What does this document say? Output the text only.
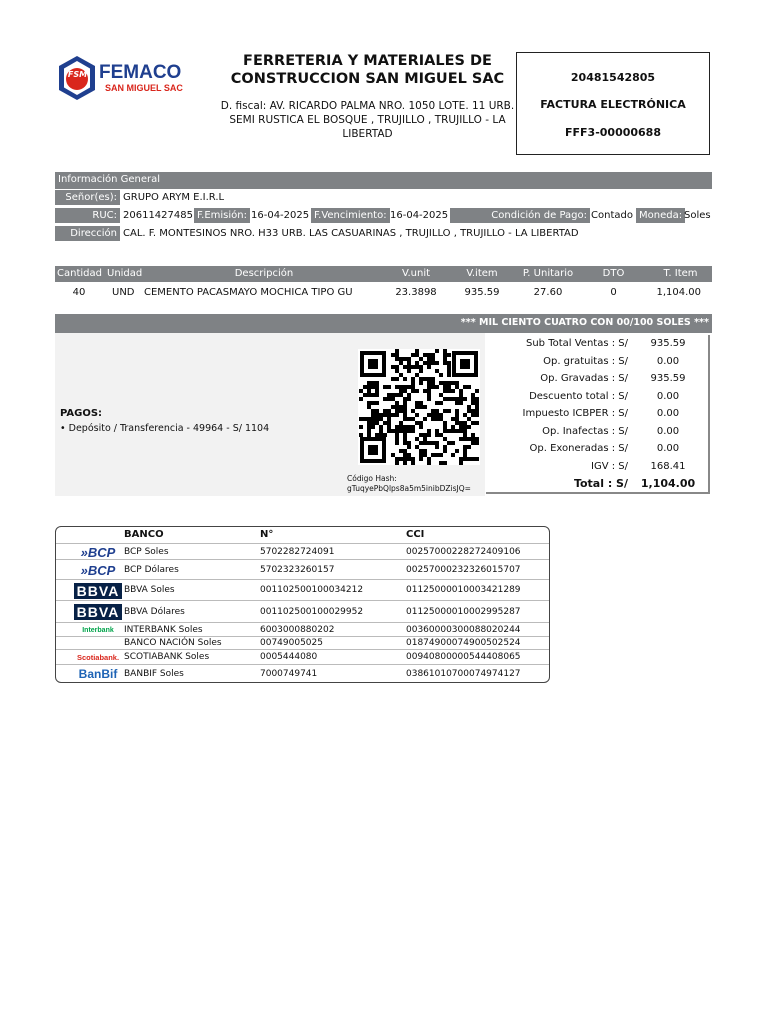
FSM FEMACO
SAN MIGUEL SAC
FERRETERIA Y MATERIALES DE CONSTRUCCION SAN MIGUEL SAC
D. fiscal: AV. RICARDO PALMA NRO. 1050 LOTE. 11 URB. SEMI RUSTICA EL BOSQUE , TRUJILLO , TRUJILLO - LA LIBERTAD
20481542805
FACTURA ELECTRÓNICA
FFF3-00000688
Información General
Señor(es): GRUPO ARYM E.I.R.L
RUC: 20611427485 F.Emisión: 16-04-2025 F.Vencimiento: 16-04-2025	Condición de Pago: Contado Moneda: Soles
Dirección CAL. F. MONTESINOS NRO. H33 URB. LAS CASUARINAS , TRUJILLO , TRUJILLO - LA LIBERTAD
Cantidad Unidad	Descripción	V.unit	V.item	P. Unitario	DTO	T. Item
40	UND CEMENTO PACASMAYO MOCHICA TIPO GU	23.3898	935.59	27.60	0	1,104.00
*** MIL CIENTO CUATRO CON 00/100 SOLES ***
PAGOS:
• Depósito / Transferencia - 49964 - S/ 1104
Código Hash:
gTuqyePbQlps8a5m5inibDZisJQ=
Sub Total Ventas : S/	935.59
Op. gratuitas : S/	0.00
Op. Gravadas : S/	935.59
Descuento total : S/	0.00
Impuesto ICBPER : S/	0.00
Op. Inafectas : S/	0.00
Op. Exoneradas : S/	0.00
IGV : S/	168.41
Total : S/	1,104.00
BANCO	N°	CCI
»BCP BCP Soles	5702282724091	00257000228272409106
»BCP BCP Dólares	5702323260157	00257000232326015707
BBVA BBVA Soles	001102500100034212	01125000010003421289
BBVA BBVA Dólares	001102500100029952	01125000010002995287
Interbank INTERBANK Soles	6003000880202	00360000300088020244
BANCO NACIÓN Soles	00749005025	01874900074900502524
Scotiabank. SCOTIABANK Soles	0005444080	00940800000544408065
BanBif BANBIF Soles	7000749741	03861010700074974127
